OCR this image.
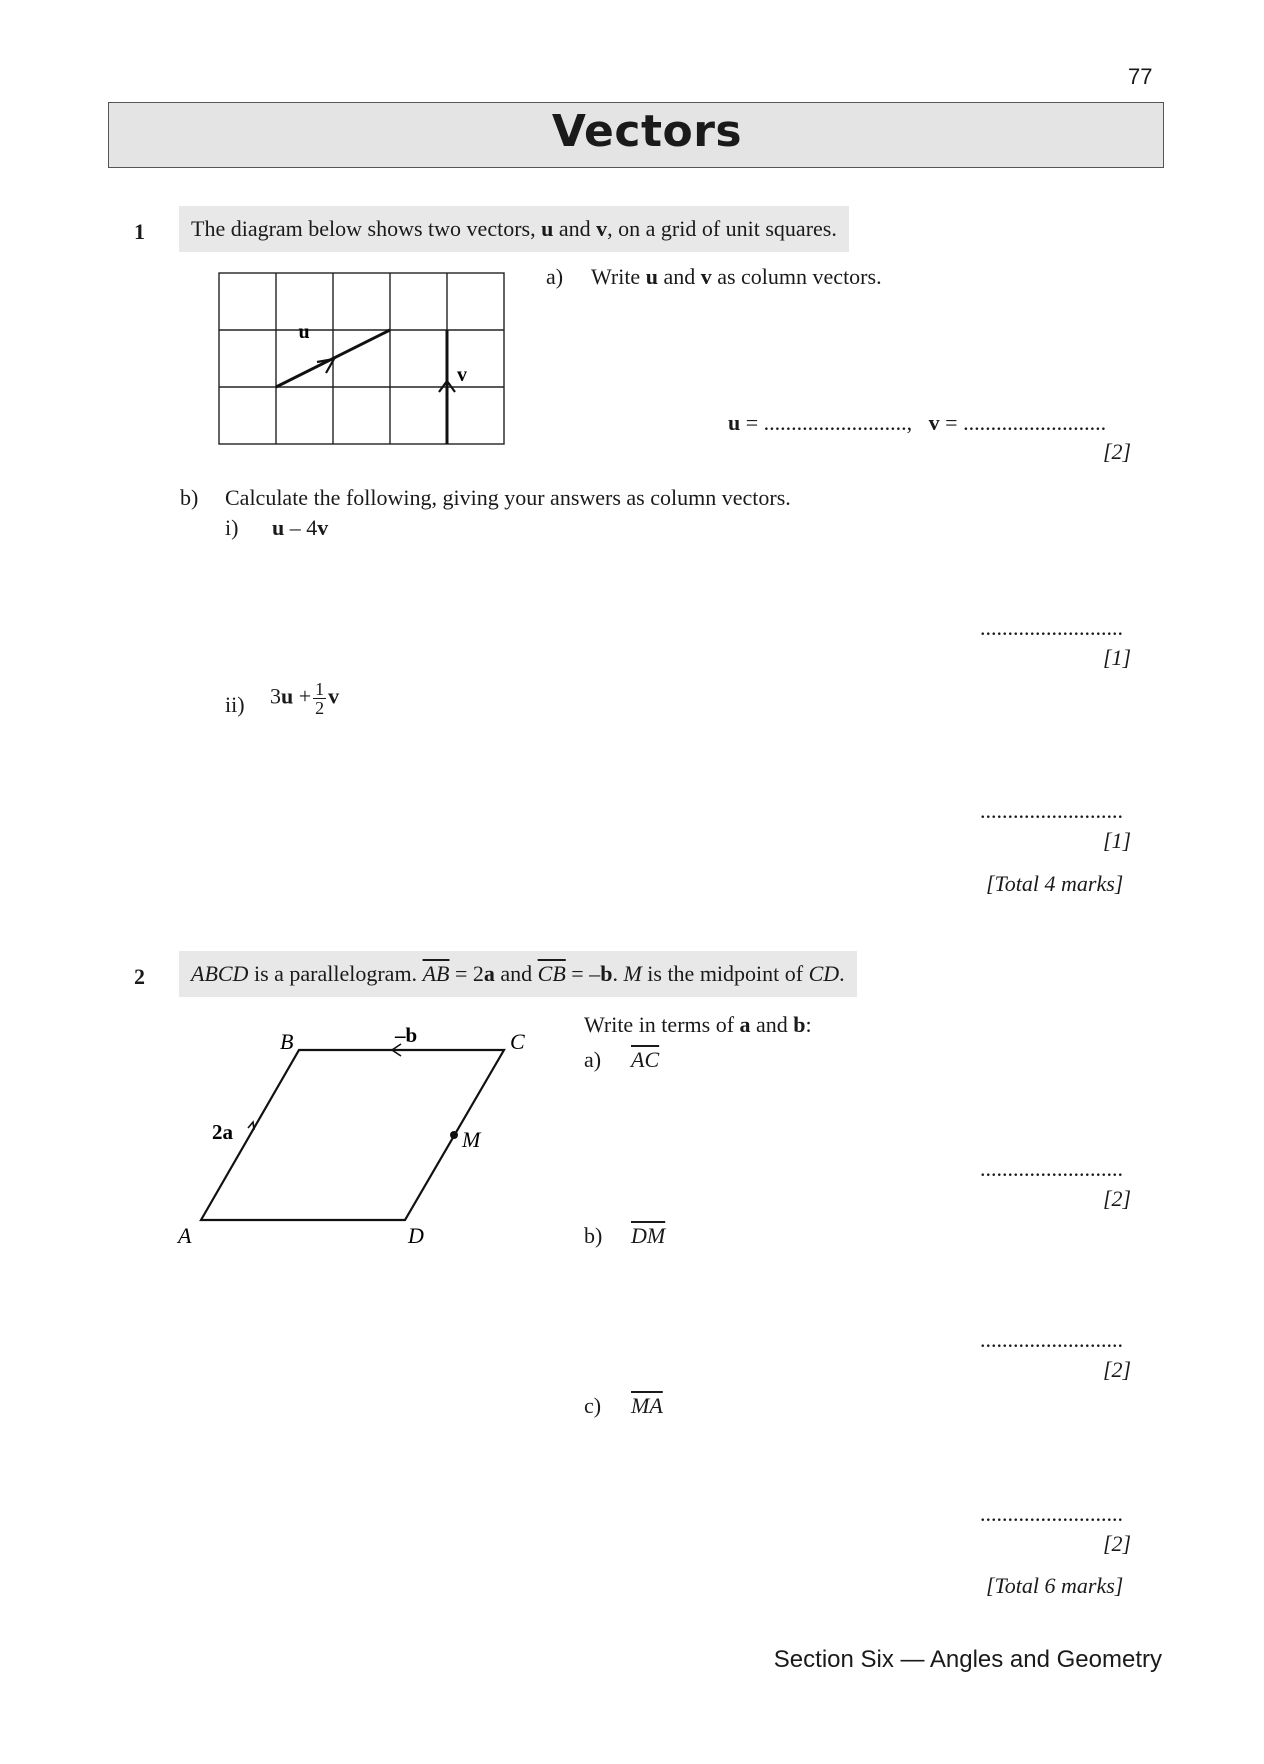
77
Vectors
1	The diagram below shows two vectors, u and v, on a grid of unit squares.
u
v
a) Write u and v as column vectors.
u = .........................., v = ..........................
[2]
b) Calculate the following, giving your answers as column vectors.
i) u – 4v
..........................
[1]
ii) $3u + \frac{1}{2}$ v
..........................
[1]
[Total 4 marks]
2	ABCD is a parallelogram. $\overline{AB} = 2a$ and $\overline{CB} = -b$. M is the midpoint of CD.
A
B	C
D
M
2a
–b	Write in terms of a and b:
a) $\overline{AC}$
..........................
[2]
b) $\overline{DM}$
..........................
[2]
c) $\overline{MA}$
..........................
[2]
[Total 6 marks]
Section Six — Angles and Geometry
